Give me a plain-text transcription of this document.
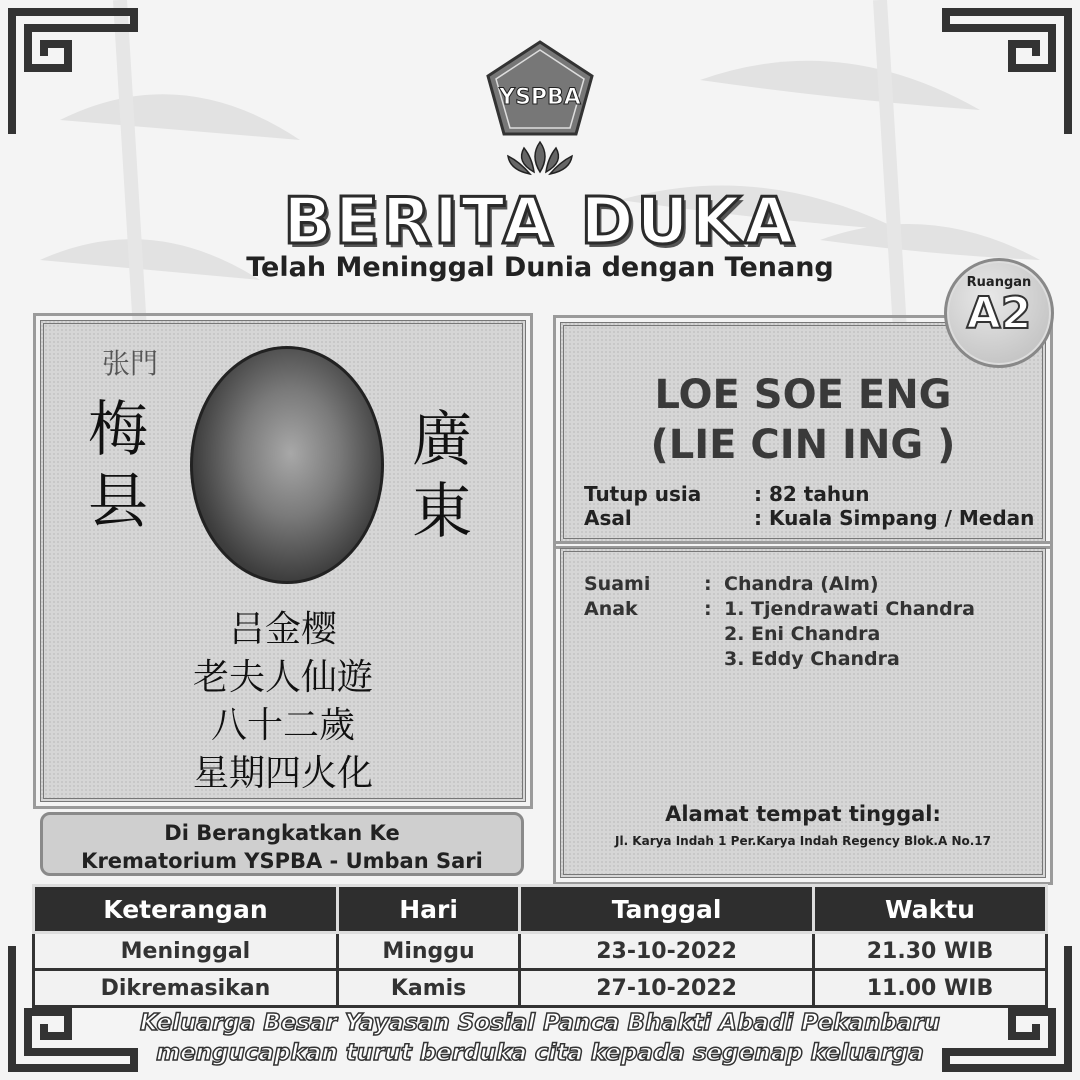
YSPBA
BERITA DUKA
Telah Meninggal Dunia dengan Tenang	Ruangan
A2
张門
梅
县
廣
東
吕金樱
老夫人仙遊
八十二歲
星期四火化
Di Berangkatkan Ke
Krematorium YSPBA - Umban Sari
LOE SOE ENG
(LIE CIN ING )
Tutup usia	: 82 tahun
Asal	: Kuala Simpang / Medan
Suami	: Chandra (Alm)
Anak	: 1. Tjendrawati Chandra
2. Eni Chandra
3. Eddy Chandra
Alamat tempat tinggal:
Jl. Karya Indah 1 Per.Karya Indah Regency Blok.A No.17
Keterangan	Hari	Tanggal	Waktu
Meninggal	Minggu	23-10-2022	21.30 WIB
Dikremasikan	Kamis	27-10-2022	11.00 WIB
Keluarga Besar Yayasan Sosial Panca Bhakti Abadi Pekanbaru
mengucapkan turut berduka cita kepada segenap keluarga
